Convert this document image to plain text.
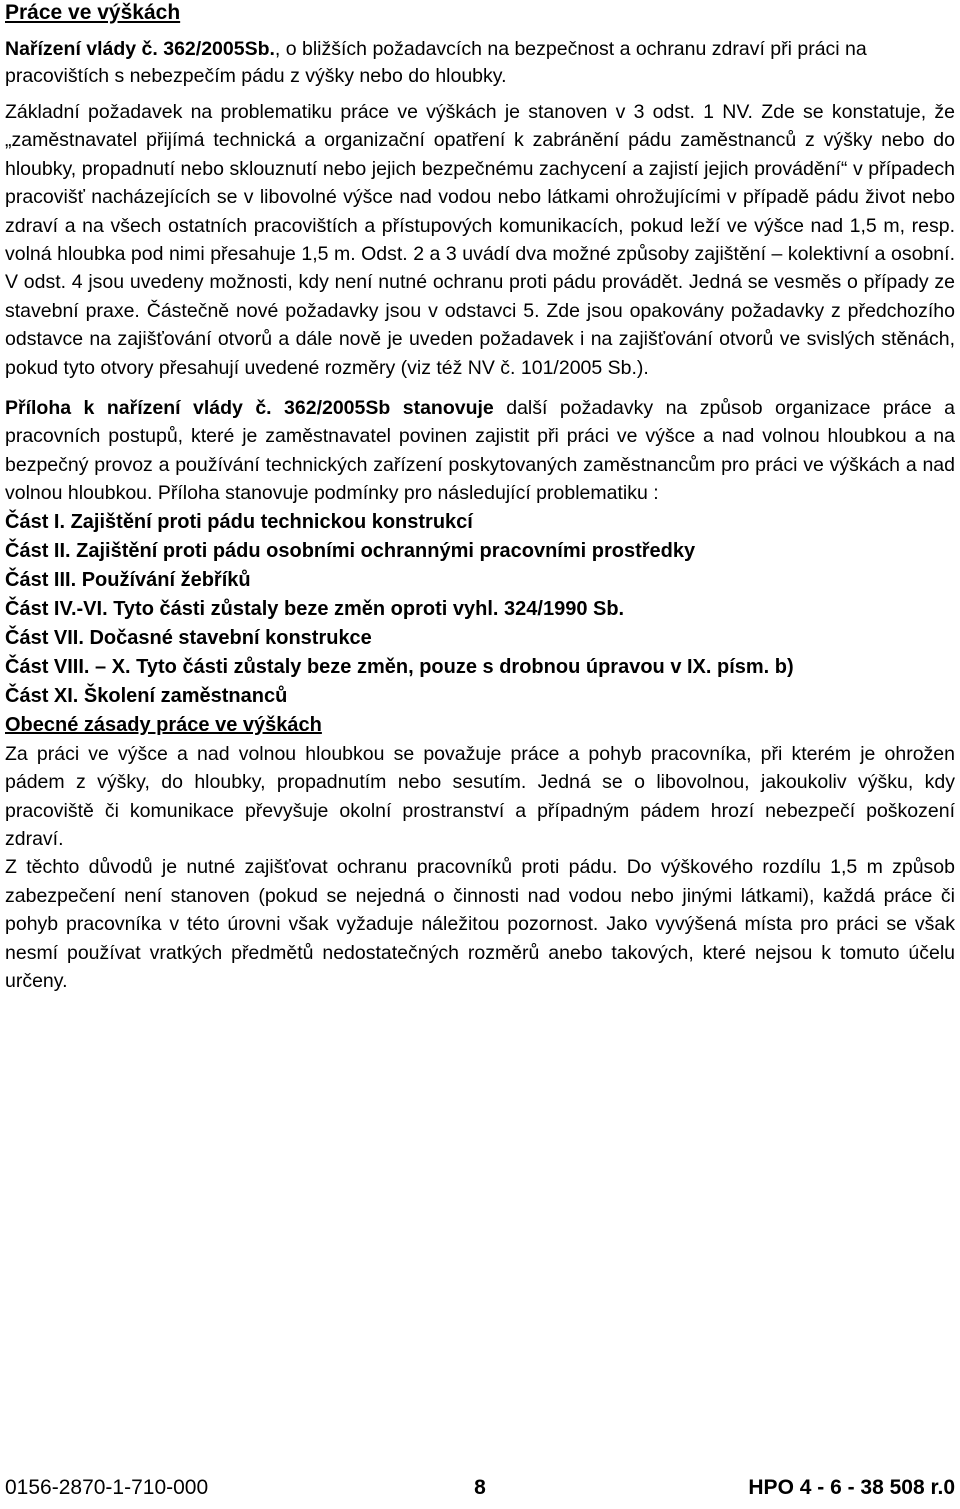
Práce ve výškách
Nařízení vlády č. 362/2005Sb., o bližších požadavcích na bezpečnost a ochranu zdraví při práci na pracovištích s nebezpečím pádu z výšky nebo do hloubky.

Základní požadavek na problematiku práce ve výškách je stanoven v 3 odst. 1 NV. Zde se konstatuje, že „zaměstnavatel přijímá technická a organizační opatření k zabránění pádu zaměstnanců z výšky nebo do hloubky, propadnutí nebo sklouznutí nebo jejich bezpečnému zachycení a zajistí jejich provádění“ v případech pracovišť nacházejících se v libovolné výšce nad vodou nebo látkami ohrožujícími v případě pádu život nebo zdraví a na všech ostatních pracovištích a přístupových komunikacích, pokud leží ve výšce nad 1,5 m, resp. volná hloubka pod nimi přesahuje 1,5 m. Odst. 2 a 3 uvádí dva možné způsoby zajištění – kolektivní a osobní. V odst. 4 jsou uvedeny možnosti, kdy není nutné ochranu proti pádu provádět. Jedná se vesměs o případy ze stavební praxe. Částečně nové požadavky jsou v odstavci 5. Zde jsou opakovány požadavky z předchozího odstavce na zajišťování otvorů a dále nově je uveden požadavek i na zajišťování otvorů ve svislých stěnách, pokud tyto otvory přesahují uvedené rozměry (viz též NV č. 101/2005 Sb.).

Příloha k nařízení vlády č. 362/2005Sb stanovuje další požadavky na způsob organizace práce a pracovních postupů, které je zaměstnavatel povinen zajistit při práci ve výšce a nad volnou hloubkou a na bezpečný provoz a používání technických zařízení poskytovaných zaměstnancům pro práci ve výškách a nad volnou hloubkou. Příloha stanovuje podmínky pro následující problematiku :

Část I. Zajištění proti pádu technickou konstrukcí
Část II. Zajištění proti pádu osobními ochrannými pracovními prostředky
Část III. Používání žebříků
Část IV.-VI. Tyto části zůstaly beze změn oproti vyhl. 324/1990 Sb.
Část VII. Dočasné stavební konstrukce
Část VIII. – X. Tyto části zůstaly beze změn, pouze s drobnou úpravou v IX. písm. b)
Část XI. Školení zaměstnanců
Obecné zásady práce ve výškách

Za práci ve výšce a nad volnou hloubkou se považuje práce a pohyb pracovníka, při kterém je ohrožen pádem z výšky, do hloubky, propadnutím nebo sesutím. Jedná se o libovolnou, jakoukoliv výšku, kdy pracoviště či komunikace převyšuje okolní prostranství a případným pádem hrozí nebezpečí poškození zdraví.

Z těchto důvodů je nutné zajišťovat ochranu pracovníků proti pádu. Do výškového rozdílu 1,5 m způsob zabezpečení není stanoven (pokud se nejedná o činnosti nad vodou nebo jinými látkami), každá práce či pohyb pracovníka v této úrovni však vyžaduje náležitou pozornost. Jako vyvýšená místa pro práci se však nesmí používat vratkých předmětů nedostatečných rozměrů anebo takových, které nejsou k tomuto účelu určeny.

0156-2870-1-710-000	8	HPO 4 - 6 - 38 508 r.0
